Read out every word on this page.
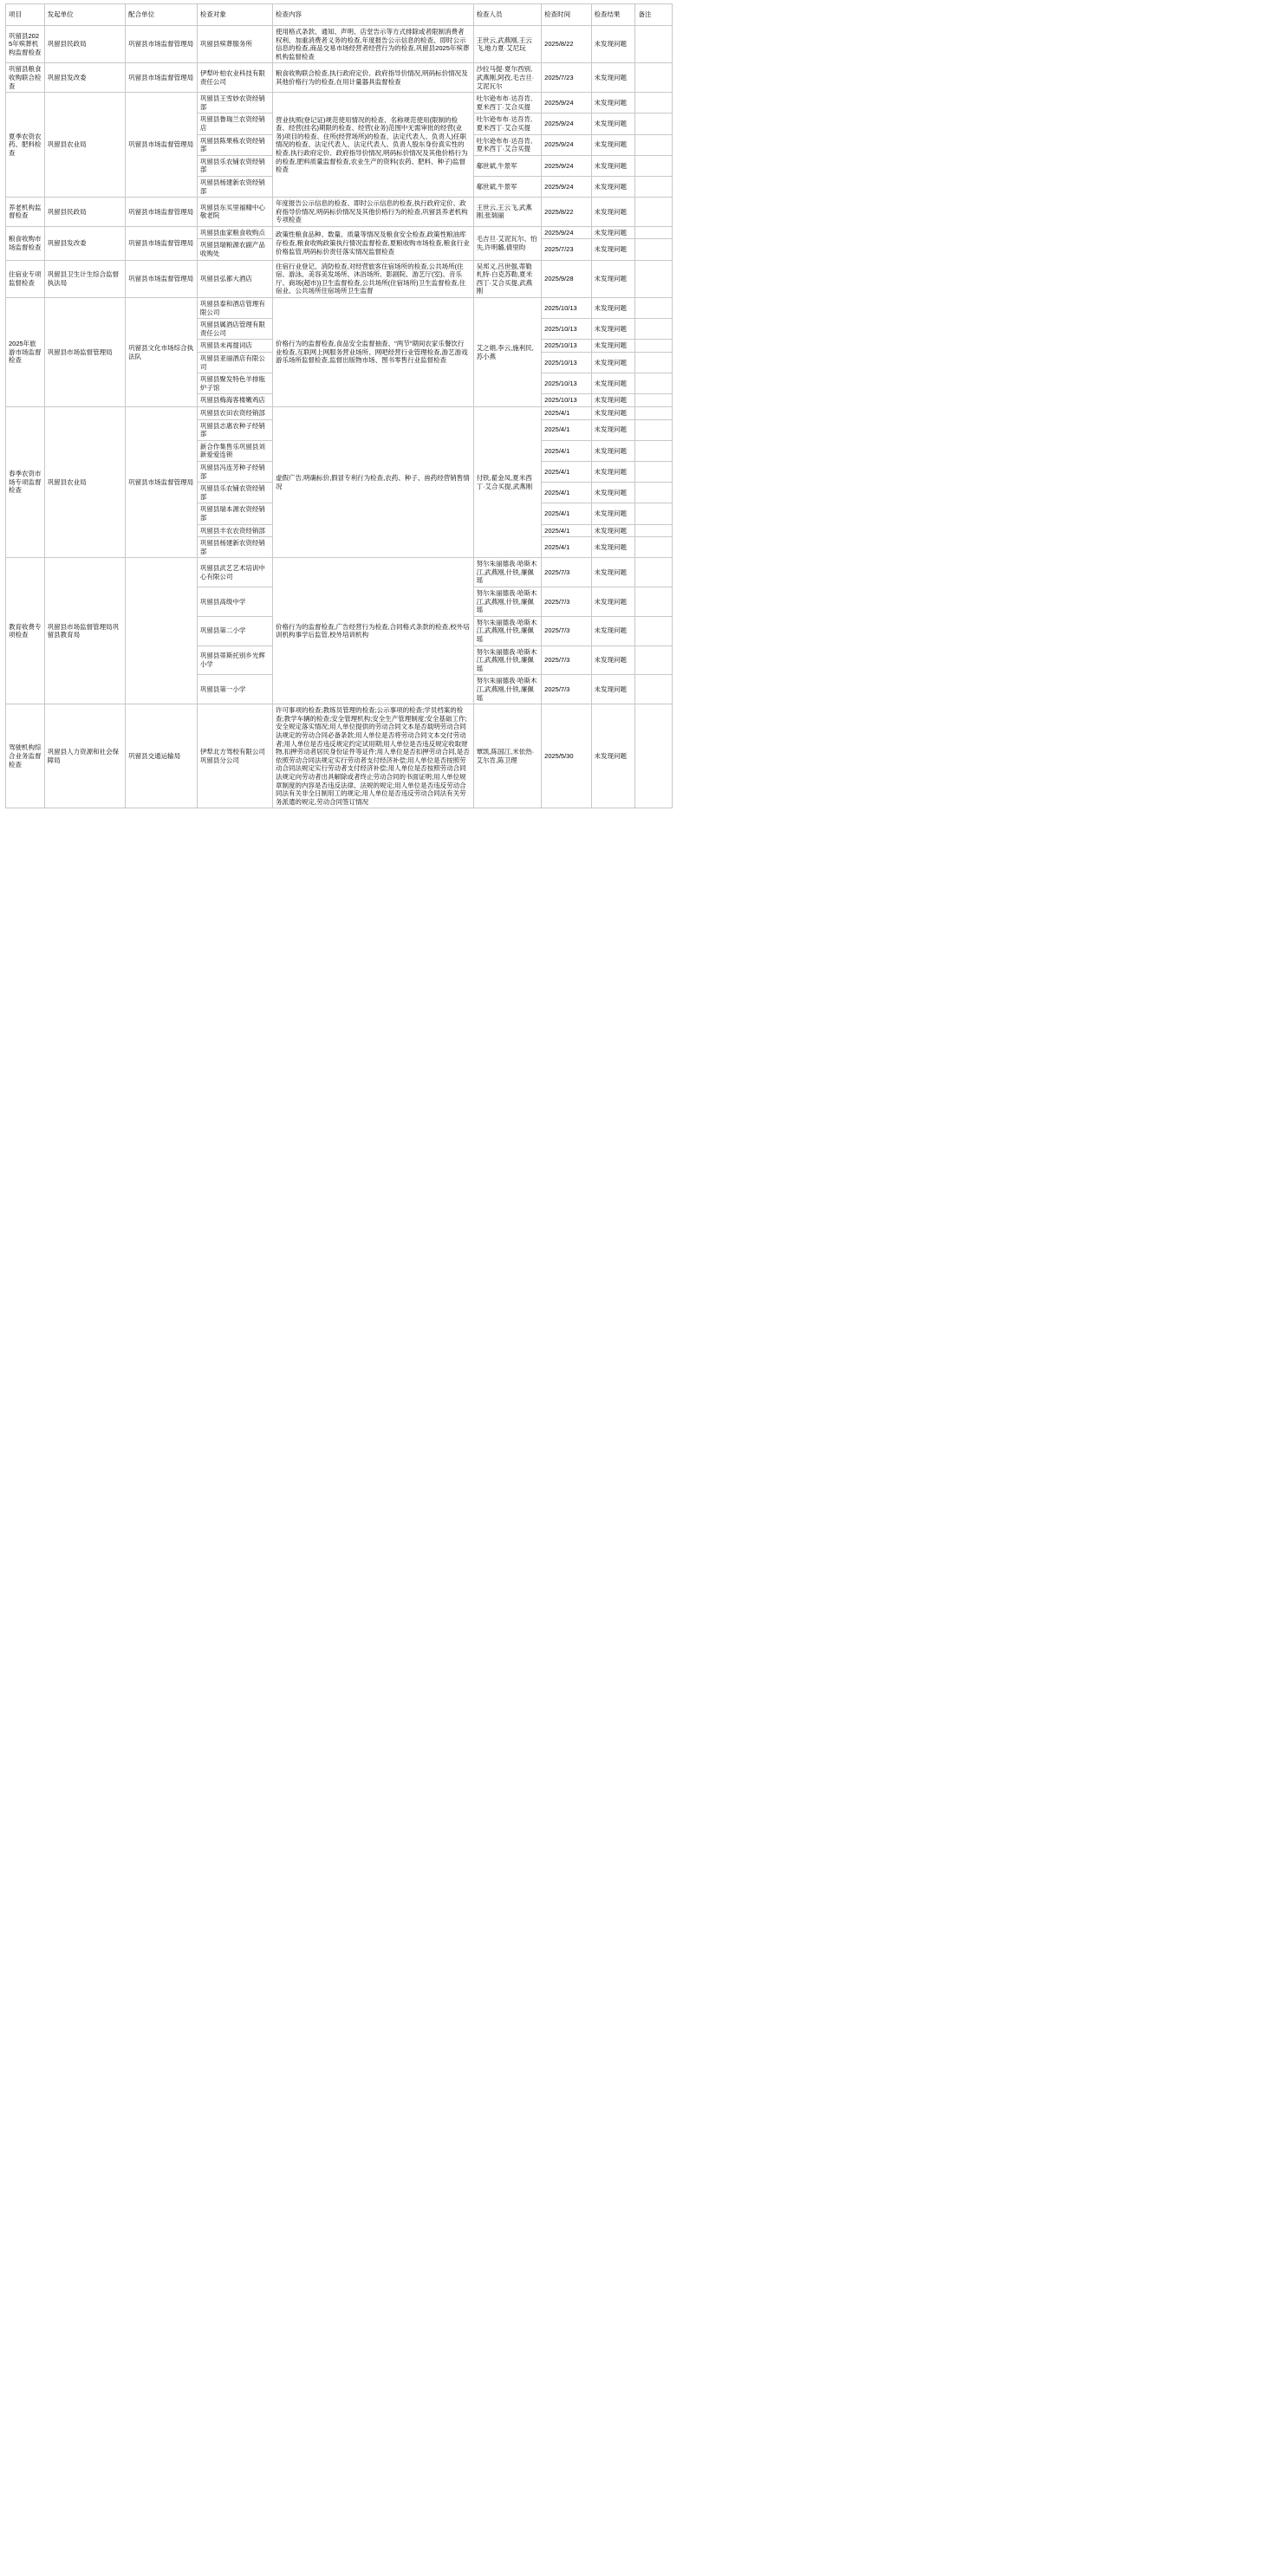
项目	发起单位	配合单位	检查对象	检查内容	检查人员	检查时间	检查结果	备注
巩留县2025年殡葬机构监督检查	巩留县民政局	巩留县市场监督管理局	巩留县殡葬服务所	使用格式条款、通知、声明、店堂告示等方式排除或者限制消费者权利、加重消费者义务的检查,年度报告公示信息的检查、即时公示信息的检查,商品交易市场经营者经营行为的检查,巩留县2025年殡葬机构监督检查	王世云,武燕刚,王云飞,地力夏·艾尼玩	2025/8/22	未发现问题	
巩留县粮食收购联合检查	巩留县发改委	巩留县市场监督管理局	伊犁叶柏农业科技有限责任公司	粮食收购联合检查,执行政府定价、政府指导价情况,明码标价情况及其他价格行为的检查,在用计量器具监督检查	沙拉马提·夏尔西别,武燕刚,阿孜,毛吉旦·艾泥瓦尔	2025/7/23	未发现问题	
夏季农资农药、肥料检查	巩留县农业局	巩留县市场监督管理局	巩留县王雪妙农资经销部	营业执照(登记证)规范使用情况的检查、名称规范使用(限制的检查、经营(挂名)期限的检查、经营(业务)范围中无需审批的经营(业务)项目的检查、住所(经营场所)的检查、法定代表人、负责人)任职情况的检查、法定代表人、法定代表人、负责人股东身份真实性的检查,执行政府定价、政府指导价情况,明码标价情况及其他价格行为的检查,肥料质量监督检查,农业生产的资料(农药、肥料、种子)监督检查	吐尔逊布布·达吾肯,夏米西丁·艾合买提	2025/9/24	未发现问题	
			巩留县鲁瑞兰农资经销店		吐尔逊布布·达吾肯,夏米西丁·艾合买提	2025/9/24	未发现问题	
			巩留县陈果栋农资经销部		吐尔逊布布·达吾肯,夏米西丁·艾合买提	2025/9/24	未发现问题	
			巩留县乐农铺农资经销部		郗世斌,牛景军	2025/9/24	未发现问题	
			巩留县杨建新农资经销部		郗世斌,牛景军	2025/9/24	未发现问题	
养老机构监督检查	巩留县民政局	巩留县市场监督管理局	巩留县东买里福精中心敬老院	年度报告公示信息的检查、即时公示信息的检查,执行政府定价、政府指导价情况,明码标价情况及其他价格行为的检查,巩留县养老机构专项检查	王世云,王云飞,武燕刚,张瑞丽	2025/8/22	未发现问题	
粮食收购市场监督检查	巩留县发改委	巩留县市场监督管理局	巩留县血家粮食收购点	政策性粮食品种、数量、质量等情况及粮食安全检查,政策性粮油库存检查,粮食收购政策执行情况监督检查,夏粮收购市场检查,粮食行业价格监管,明码标价责任落实情况监督检查	毛吉旦·艾泥瓦尔、怕失,许明璐,倩里昀	2025/9/24	未发现问题	
			巩留县瑞粮源农副产品收购处			2025/7/23	未发现问题	
住宿业专项监督检查	巩留县卫生计生综合监督执法局	巩留县市场监督管理局	巩留县弘都大酒店	住宿行业登记、消防检查,对经营旅客住宿场所的检查,公共场所(住宿、游泳、美容美发场所、沐浴场所、影剧院、游艺厅(室)、音乐厅、商场(超市))卫生监督检查,公共场所(住宿场所)卫生监督检查,住宿业、公共场所住宿场所卫生监督	吴邦义,吕世强,蒂勒札特·白克苏勒,夏米西丁·艾合买提,武燕刚	2025/9/28	未发现问题	
2025年旅游市场监督检查	巩留县市场监督管理局	巩留县文化市场综合执法队	巩留县泰和酒店管理有限公司	价格行为的监督检查,食品安全监督抽查、"两节"期间农家乐餐饮行业检查,互联网上网服务营业场所、网吧经营行业管理检查,游艺游戏游乐场所监督检查,监督出版物市场、图书零售行业监督检查	艾之娟,李云,施利民,苏小燕	2025/10/13	未发现问题	
			巩留县属酒店管理有限责任公司			2025/10/13	未发现问题	
			巩留县未再提词店			2025/10/13	未发现问题	
			巩留县亚丽酒店有限公司			2025/10/13	未发现问题	
			巩留县聚发特色羊排瓶炉子馆			2025/10/13	未发现问题	
			巩留县梅海客楼嫩鸡店			2025/10/13	未发现问题	
春季农资市场专项监督检查	巩留县农业局	巩留县市场监督管理局	巩留县农田农资经销部	虚假广告,明确标价,假冒专利行为检查,农药、种子、兽药经营销售情况	付铁,翟金凤,夏米西丁·艾合买提,武燕刚	2025/4/1	未发现问题	
			巩留县志惠农种子经销部			2025/4/1	未发现问题	
			新合作集售乐巩留县刘新爱爱连锁			2025/4/1	未发现问题	
			巩留县冯连芳种子经销部			2025/4/1	未发现问题	
			巩留县乐农铺农资经销部			2025/4/1	未发现问题	
			巩留县瑞本源农资经销部			2025/4/1	未发现问题	
			巩留县丰农农资经销部			2025/4/1	未发现问题	
			巩留县杨建新农资经销部			2025/4/1	未发现问题	
教育收费专项检查	巩留县市场监督管理局巩留县教育局		巩留县武艺艺术培训中心有限公司	价格行为的监督检查,广告经营行为检查,合同格式条款的检查,校外培训机构事学后监管,校外培训机构	努尔朱丽德我·哈斯木江,武燕刚,什铁,廉佩瑶	2025/7/3	未发现问题	
			巩留县高级中学		努尔朱丽德我·哈斯木江,武燕刚,什铁,廉佩瑶	2025/7/3	未发现问题	
			巩留县第二小学		努尔朱丽德我·哈斯木江,武燕刚,什铁,廉佩瑶	2025/7/3	未发现问题	
			巩留县蒂斯托别乡光辉小学		努尔朱丽德我·哈斯木江,武燕刚,什铁,廉佩瑶	2025/7/3	未发现问题	
			巩留县第一小学		努尔朱丽德我·哈斯木江,武燕刚,什铁,廉佩瑶	2025/7/3	未发现问题	
驾驶机构综合业务监督检查	巩留县人力资源和社会保障局	巩留县交通运输局	伊犁北方驾校有限公司巩留县分公司	许可事项的检查;教练员管理的检查;公示事项的检查;学员档案的检查;教学车辆的检查;安全管理机构;安全生产管理制度;安全基础工作;安全规定落实情况;用人单位提供的劳动合同文本是否载明劳动合同法规定的劳动合同必备条款;用人单位是否将劳动合同文本交付劳动者;用人单位是否违反规定约定试用期;用人单位是否违反规定收取财物,扣押劳动者居民身份证件等证件;用人单位是否扣押劳动合同,是否依照劳动合同法规定实行劳动者支付经济补偿;用人单位是否按照劳动合同法规定实行劳动者支付经济补偿;用人单位是否按照劳动合同法规定向劳动者出具解除或者终止劳动合同的书面证明;用人单位规章制度的内容是否违反法律、法规的规定;用人单位是否违反劳动合同法有关非全日制用工的规定;用人单位是否违反劳动合同法有关劳务派遣的规定,劳动合同签订情况	覃凯,陈国江,米依热·艾尔肯,陈卫理	2025/5/30	未发现问题	
